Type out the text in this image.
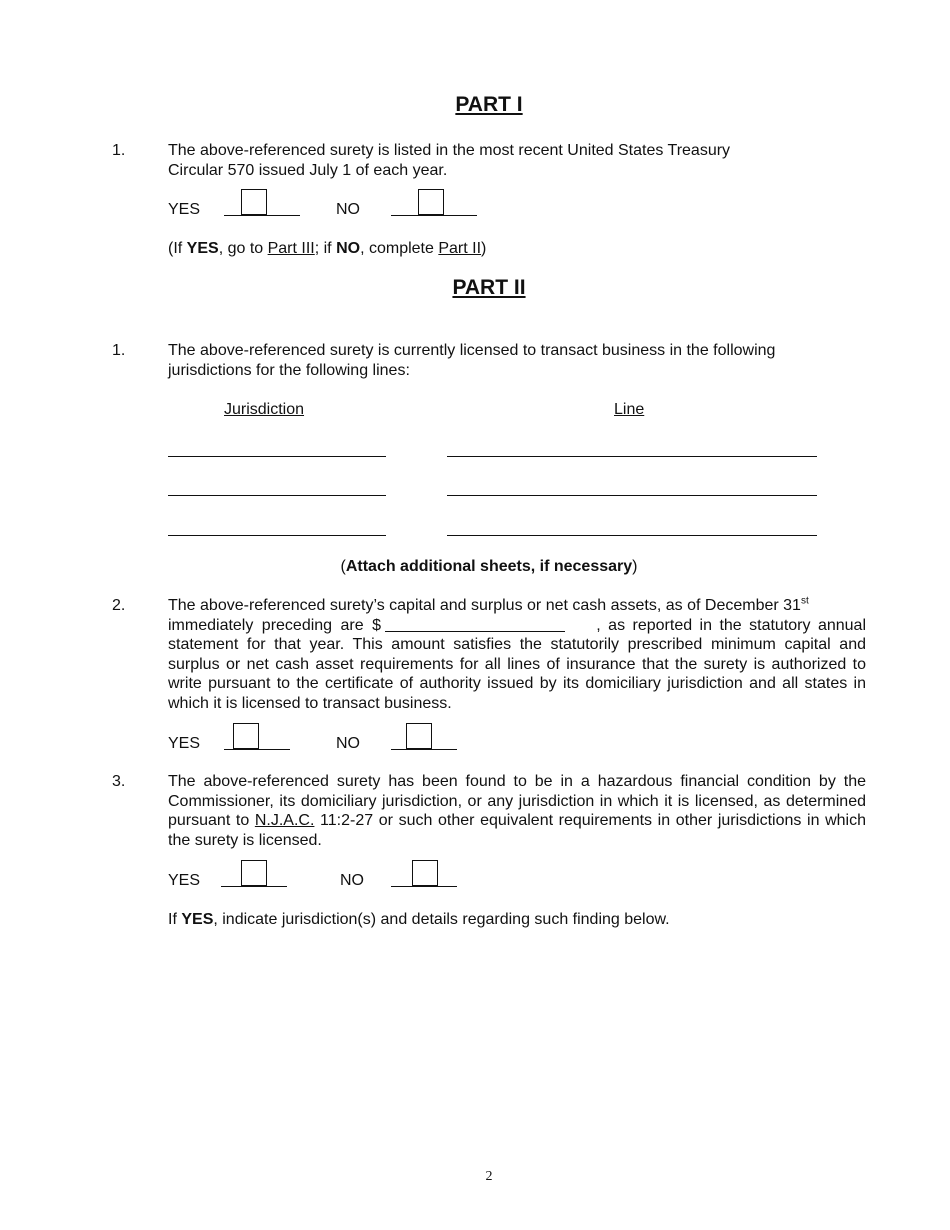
PART I
1.	The above-referenced surety is listed in the most recent United States Treasury
Circular 570 issued July 1 of each year.
YES	NO
(If YES, go to Part III; if NO, complete Part II)
PART II
1.	The above-referenced surety is currently licensed to transact business in the following
jurisdictions for the following lines:
Jurisdiction	Line
(Attach additional sheets, if necessary)
2.	The above-referenced surety’s capital and surplus or net cash assets, as of December 31st
immediately preceding are $	, as reported in the statutory annual
statement for that year. This amount satisfies the statutorily prescribed minimum capital and surplus or net cash asset requirements for all lines of insurance that the surety is authorized to write pursuant to the certificate of authority issued by its domiciliary jurisdiction and all states in which it is licensed to transact business.
YES	NO
3.	The above-referenced surety has been found to be in a hazardous financial condition by the Commissioner, its domiciliary jurisdiction, or any jurisdiction in which it is licensed, as determined pursuant to N.J.A.C. 11:2-27 or such other equivalent requirements in other jurisdictions in which the surety is licensed.
YES	NO
If YES, indicate jurisdiction(s) and details regarding such finding below.
2
